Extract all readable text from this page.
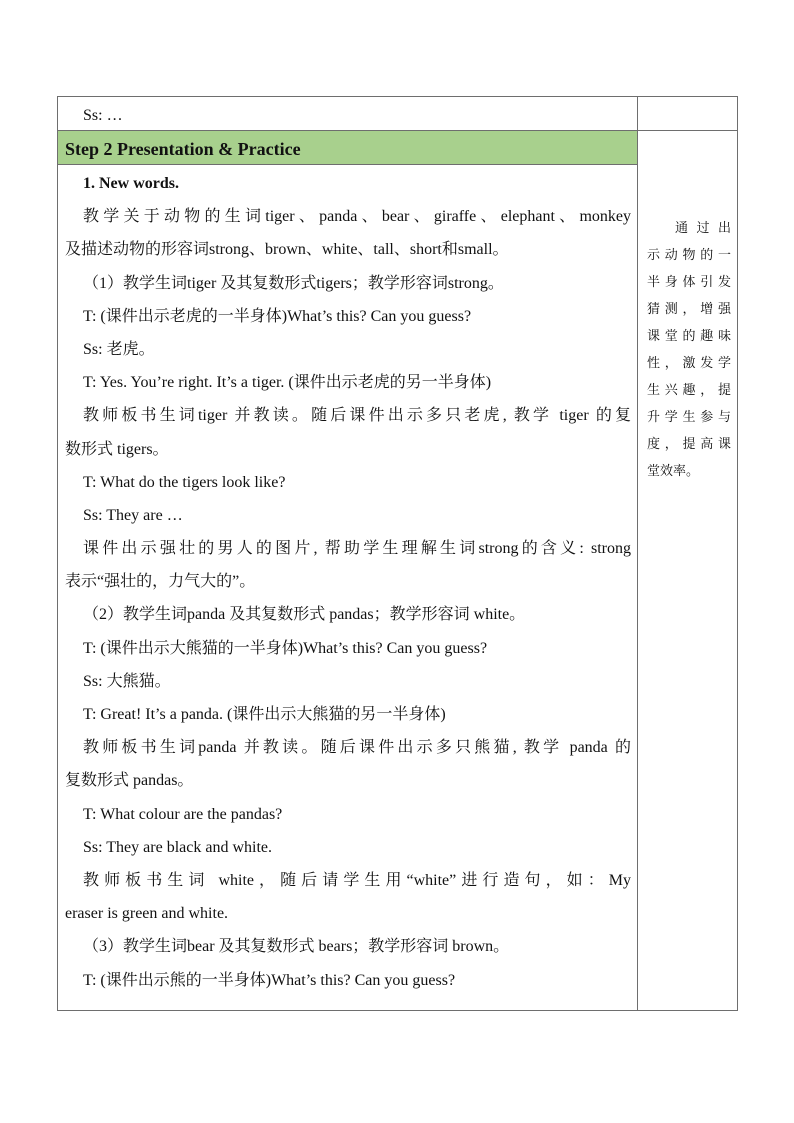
Ss: …
Step 2 Presentation & Practice
1. New words.
教学关于动物的生词tiger、panda、bear、giraffe、elephant、monkey
及描述动物的形容词strong、brown、white、tall、short和small。
（1）教学生词tiger 及其复数形式tigers；教学形容词strong。
T: (课件出示老虎的一半身体)What’s this? Can you guess?
Ss: 老虎。
T: Yes. You’re right. It’s a tiger. (课件出示老虎的另一半身体)
教师板书生词tiger 并教读。随后课件出示多只老虎, 教学 tiger 的复
数形式 tigers。
T: What do the tigers look like?
Ss: They are …
课件出示强壮的男人的图片, 帮助学生理解生词strong的含义: strong
表示“强壮的，力气大的”。
（2）教学生词panda 及其复数形式 pandas；教学形容词 white。
T: (课件出示大熊猫的一半身体)What’s this? Can you guess?
Ss: 大熊猫。
T: Great! It’s a panda. (课件出示大熊猫的另一半身体)
教师板书生词panda 并教读。随后课件出示多只熊猫, 教学 panda 的
复数形式 pandas。
T: What colour are the pandas?
Ss: They are black and white.
教师板书生词 white，随后请学生用“white”进行造句，如：My
eraser is green and white.
（3）教学生词bear 及其复数形式 bears；教学形容词 brown。
T: (课件出示熊的一半身体)What’s this? Can you guess?
通过出
示动物的一
半身体引发
猜测，增强
课堂的趣味
性，激发学
生兴趣，提
升学生参与
度，提高课
堂效率。
